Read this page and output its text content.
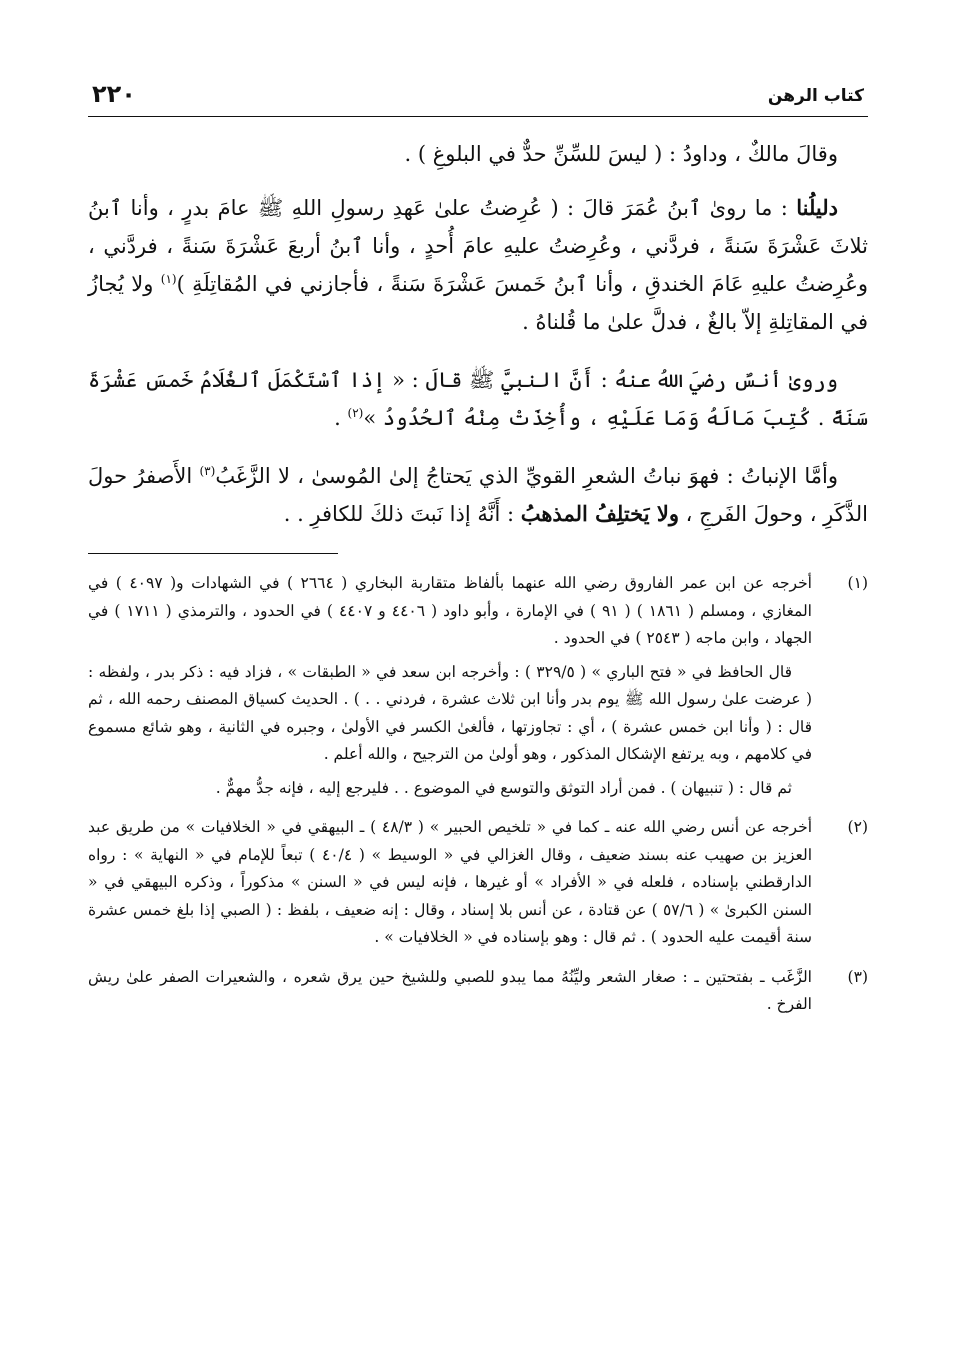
كتاب الرهن
٢٢٠

وقالَ مالكٌ ، وداودُ : ( ليسَ للسِّنِّ حدٌّ في البلوغِ ) .

دليلُنا : ما روىٰ ٱبنُ عُمَرَ قالَ : ( عُرِضتُ علىٰ عَهدِ رسولِ اللهِ ﷺ عامَ بدرٍ ، وأنا ٱبنُ ثلاثَ عَشْرَةَ سَنةً ، فردَّني ، وعُرِضتُ عليهِ عامَ أُحدٍ ، وأنا ٱبنُ أربعَ عَشْرَةَ سَنةً ، فردَّني ، وعُرِضتُ عليهِ عَامَ الخندقِ ، وأنا ٱبنُ خَمسَ عَشْرَةَ سَنةً ، فأجازني في المُقاتِلَةِ )$^{(١)}$ ولا يُجازُ في المقاتِلةِ إلاّ بالغٌ ، فدلَّ علىٰ ما قُلناهُ .

وروىٰ أنسٌ رضيَ اللهُ عنهُ : أَنَّ النبيَّ ﷺ قالَ : « إذا ٱسْتَكْمَلَ ٱلغُلَامُ خَمسَ عَشْرَةَ سَنَةً . كُتِبَ مَالَهُ وَمَا عَلَيْهِ ، وأُخِذَتْ مِنْهُ ٱلحُدُودُ »$^{(٢)}$ .

وأمَّا الإنباتُ : فهوَ نباتُ الشعرِ القويِّ الذي يَحتاجُ إلىٰ المُوسىٰ ، لا الزَّغَبُ$^{(٣)}$ الأَصفرُ حولَ الذَّكَرِ ، وحولَ الفَرجِ ، ولا يَختلِفُ المذهبُ : أَنَّهُ إذا نَبتَ ذلكَ للكافرِ . .

(١)

أخرجه عن ابن عمر الفاروق رضي الله عنهما بألفاظ متقاربة البخاري ( ٢٦٦٤ ) في الشهادات و( ٤٠٩٧ ) في المغازي ، ومسلم ( ١٨٦١ ) ( ٩١ ) في الإمارة ، وأبو داود ( ٤٤٠٦ و ٤٤٠٧ ) في الحدود ، والترمذي ( ١٧١١ ) في الجهاد ، وابن ماجه ( ٢٥٤٣ ) في الحدود .

قال الحافظ في « فتح الباري » ( ٣٢٩/٥ ) : وأخرجه ابن سعد في « الطبقات » ، فزاد فيه : ذكر بدر ، ولفظه : ( عرضت علىٰ رسول الله ﷺ يوم بدر وأنا ابن ثلاث عشرة ، فردني . . ) . الحديث كسياق المصنف رحمه الله ، ثم قال : ( وأنا ابن خمس عشرة ) ، أي : تجاوزتها ، فألغىٰ الكسر في الأولىٰ ، وجبره في الثانية ، وهو شائع مسموع في كلامهم ، وبه يرتفع الإشكال المذكور ، وهو أولىٰ من الترجيح ، والله أعلم .

ثم قال : ( تنبيهان ) . فمن أراد التوثق والتوسع في الموضوع . . فليرجع إليه ، فإنه جدُّ مهمٌّ .

(٢)

أخرجه عن أنس رضي الله عنه ـ كما في « تلخيص الحبير » ( ٤٨/٣ ) ـ البيهقي في « الخلافيات » من طريق عبد العزيز بن صهيب عنه بسند ضعيف ، وقال الغزالي في « الوسيط » ( ٤٠/٤ ) تبعاً للإمام في « النهاية » : رواه الدارقطني بإسناده ، فلعله في « الأفراد » أو غيرها ، فإنه ليس في « السنن » مذكوراً ، وذكره البيهقي في « السنن الكبرىٰ » ( ٥٧/٦ ) عن قتادة ، عن أنس بلا إسناد ، وقال : إنه ضعيف ، بلفظ : ( الصبي إذا بلغ خمس عشرة سنة أقيمت عليه الحدود ) . ثم قال : وهو بإسناده في « الخلافيات » .

(٣)

الزَّغَب ـ بفتحتين ـ : صغار الشعر وليِّنُهُ مما يبدو للصبي وللشيخ حين يرق شعره ، والشعيرات الصفر علىٰ ريش الفرخ .
